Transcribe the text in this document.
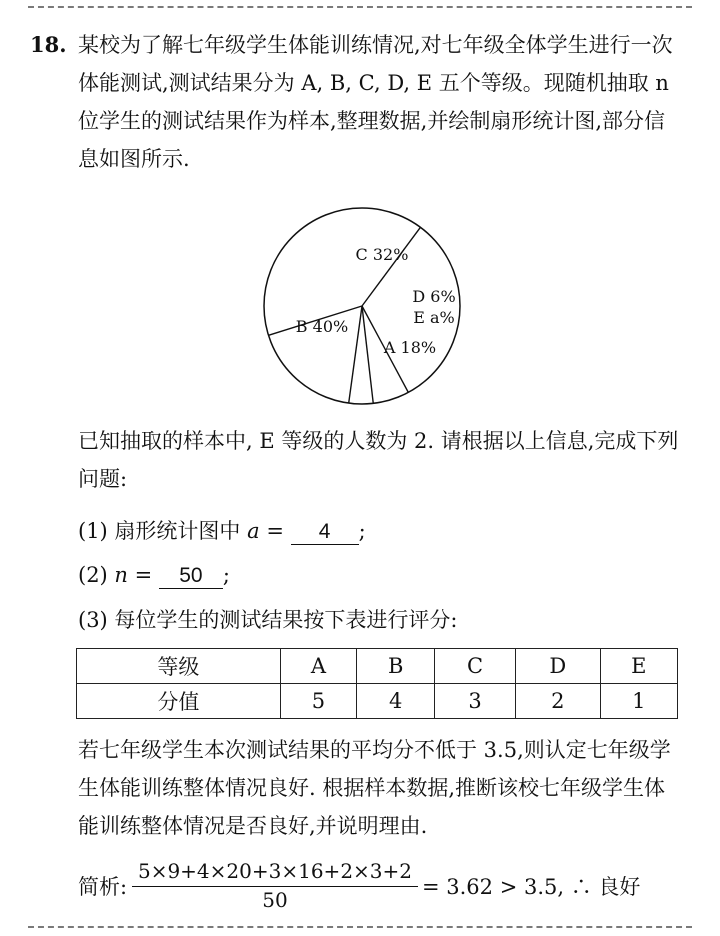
18. 某校为了解七年级学生体能训练情况,对七年级全体学生进行一次
体能测试,测试结果分为 A, B, C, D, E 五个等级。现随机抽取 n
位学生的测试结果作为样本,整理数据,并绘制扇形统计图,部分信
息如图所示.
C 32%
D 6%
E a%
A 18%
B 40%
已知抽取的样本中, E 等级的人数为 2. 请根据以上信息,完成下列
问题:
(1) 扇形统计图中 a = 4 ;
(2) n = 50 ;
(3) 每位学生的测试结果按下表进行评分:
等级	A	B	C	D	E
分值	5	4	3	2	1
若七年级学生本次测试结果的平均分不低于 3.5,则认定七年级学
生体能训练整体情况良好. 根据样本数据,推断该校七年级学生体
能训练整体情况是否良好,并说明理由.
简析:
5×9+4×20+3×16+2×3+2
50
= 3.62 > 3.5, ∴ 良好
